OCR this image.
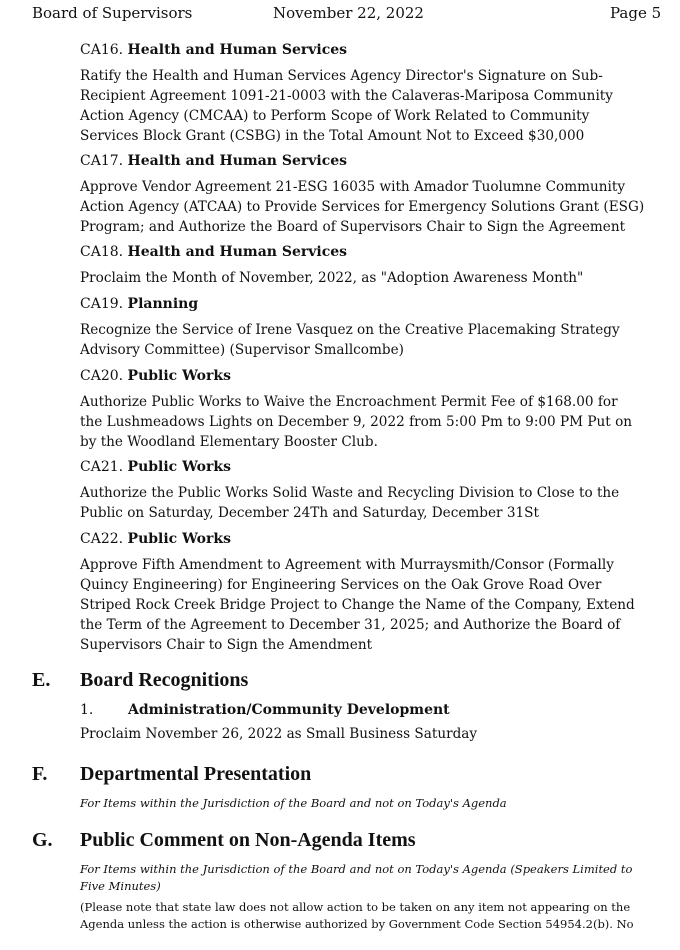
Board of Supervisors	November 22, 2022	Page 5
CA16. Health and Human Services
Ratify the Health and Human Services Agency Director's Signature on Sub-
Recipient Agreement 1091-21-0003 with the Calaveras-Mariposa Community
Action Agency (CMCAA) to Perform Scope of Work Related to Community
Services Block Grant (CSBG) in the Total Amount Not to Exceed $30,000
CA17. Health and Human Services
Approve Vendor Agreement 21-ESG 16035 with Amador Tuolumne Community
Action Agency (ATCAA) to Provide Services for Emergency Solutions Grant (ESG)
Program; and Authorize the Board of Supervisors Chair to Sign the Agreement
CA18. Health and Human Services
Proclaim the Month of November, 2022, as "Adoption Awareness Month"
CA19. Planning
Recognize the Service of Irene Vasquez on the Creative Placemaking Strategy
Advisory Committee) (Supervisor Smallcombe)
CA20. Public Works
Authorize Public Works to Waive the Encroachment Permit Fee of $168.00 for
the Lushmeadows Lights on December 9, 2022 from 5:00 Pm to 9:00 PM Put on
by the Woodland Elementary Booster Club.
CA21. Public Works
Authorize the Public Works Solid Waste and Recycling Division to Close to the
Public on Saturday, December 24Th and Saturday, December 31St
CA22. Public Works
Approve Fifth Amendment to Agreement with Murraysmith/Consor (Formally
Quincy Engineering) for Engineering Services on the Oak Grove Road Over
Striped Rock Creek Bridge Project to Change the Name of the Company, Extend
the Term of the Agreement to December 31, 2025; and Authorize the Board of
Supervisors Chair to Sign the Amendment
E. Board Recognitions
1. Administration/Community Development
Proclaim November 26, 2022 as Small Business Saturday
F. Departmental Presentation
For Items within the Jurisdiction of the Board and not on Today's Agenda
G. Public Comment on Non-Agenda Items
For Items within the Jurisdiction of the Board and not on Today's Agenda (Speakers Limited to
Five Minutes)
(Please note that state law does not allow action to be taken on any item not appearing on the
Agenda unless the action is otherwise authorized by Government Code Section 54954.2(b). No
